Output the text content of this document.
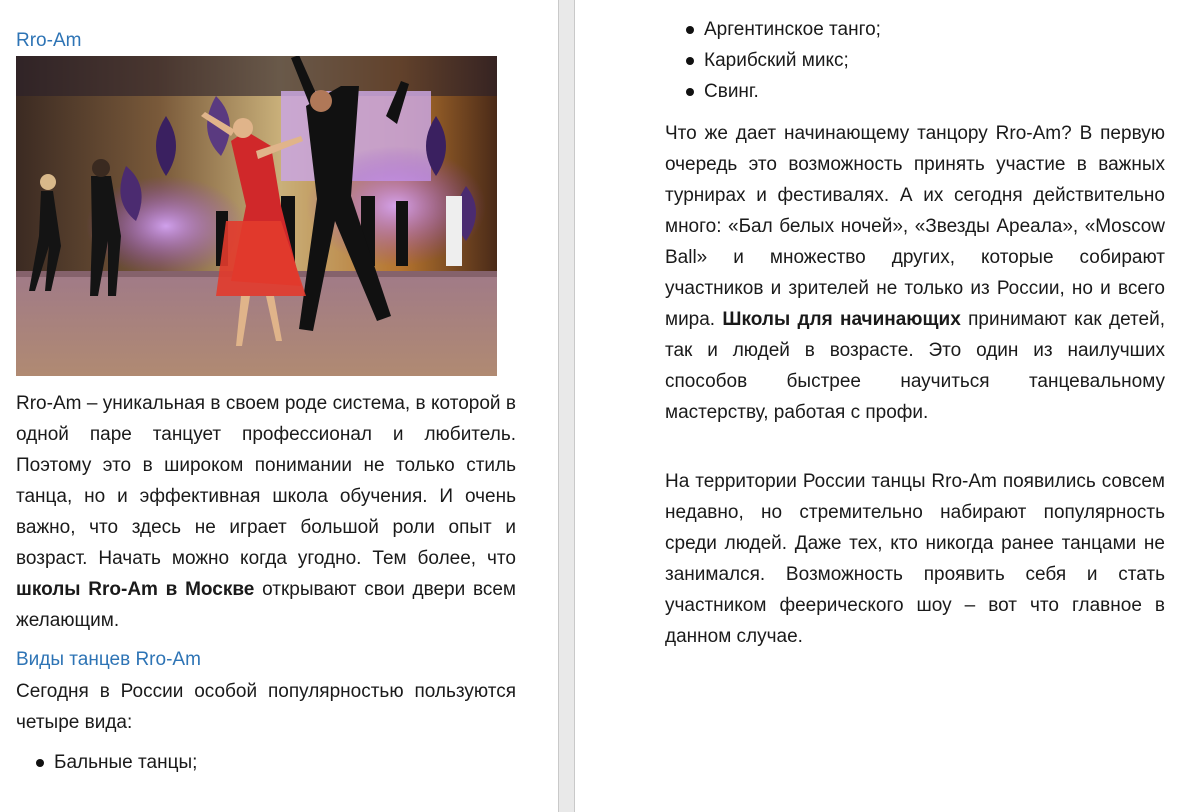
Rro-Am

Rro-Am – уникальная в своем роде система, в которой в одной паре танцует профессионал и любитель. Поэтому это в широком понимании не только стиль танца, но и эффективная школа обучения. И очень важно, что здесь не играет большой роли опыт и возраст. Начать можно когда угодно. Тем более, что школы Rro-Am в Москве открывают свои двери всем желающим.

Виды танцев Rro-Am

Сегодня в России особой популярностью пользуются четыре вида:

Бальные танцы;
Аргентинское танго;
Карибский микс;
Свинг.

Что же дает начинающему танцору Rro-Am? В первую очередь это возможность принять участие в важных турнирах и фестивалях. А их сегодня действительно много: «Бал белых ночей», «Звезды Ареала», «Moscow Ball» и множество других, которые собирают участников и зрителей не только из России, но и всего мира. Школы для начинающих принимают как детей, так и людей в возрасте. Это один из наилучших способов быстрее научиться танцевальному мастерству, работая с профи.

На территории России танцы Rro-Am появились совсем недавно, но стремительно набирают популярность среди людей. Даже тех, кто никогда ранее танцами не занимался. Возможность проявить себя и стать участником феерического шоу – вот что главное в данном случае.
